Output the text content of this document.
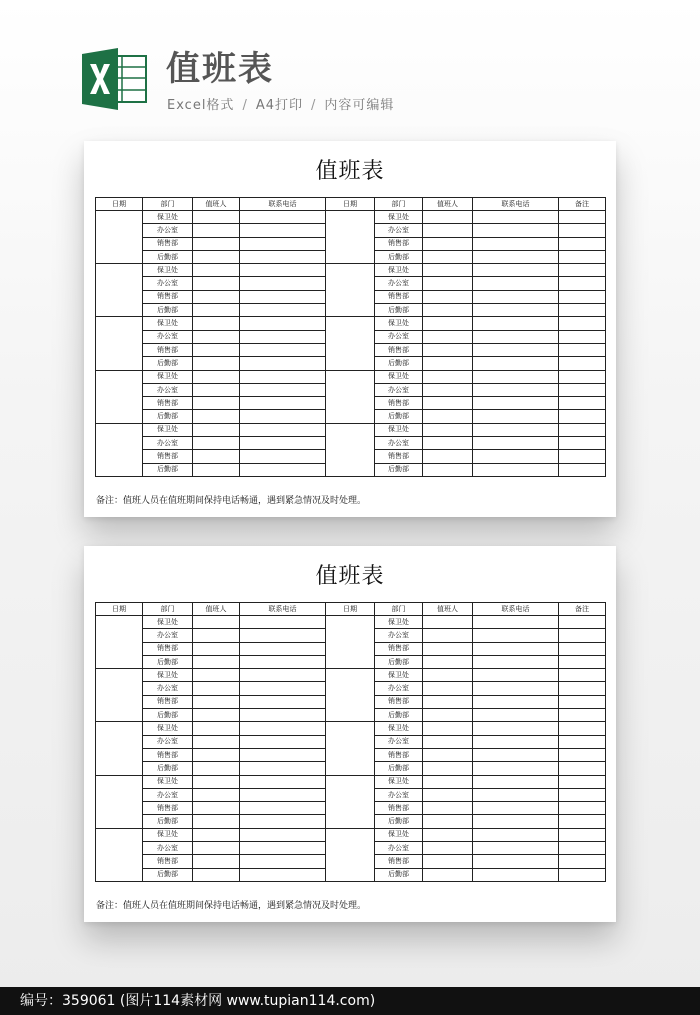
值班表
Excel格式 / A4打印 / 内容可编辑
值班表
日期	部门	值班人	联系电话	日期	部门	值班人	联系电话	备注
	保卫处				保卫处			
	办公室				办公室			
	销售部				销售部			
	后勤部				后勤部			
	保卫处				保卫处			
	办公室				办公室			
	销售部				销售部			
	后勤部				后勤部			
	保卫处				保卫处			
	办公室				办公室			
	销售部				销售部			
	后勤部				后勤部			
	保卫处				保卫处			
	办公室				办公室			
	销售部				销售部			
	后勤部				后勤部			
	保卫处				保卫处			
	办公室				办公室			
	销售部				销售部			
	后勤部				后勤部			
备注：值班人员在值班期间保持电话畅通，遇到紧急情况及时处理。
值班表
日期	部门	值班人	联系电话	日期	部门	值班人	联系电话	备注
	保卫处				保卫处			
	办公室				办公室			
	销售部				销售部			
	后勤部				后勤部			
	保卫处				保卫处			
	办公室				办公室			
	销售部				销售部			
	后勤部				后勤部			
	保卫处				保卫处			
	办公室				办公室			
	销售部				销售部			
	后勤部				后勤部			
	保卫处				保卫处			
	办公室				办公室			
	销售部				销售部			
	后勤部				后勤部			
	保卫处				保卫处			
	办公室				办公室			
	销售部				销售部			
	后勤部				后勤部			
备注：值班人员在值班期间保持电话畅通，遇到紧急情况及时处理。
编号：359061 (图片114素材网 www.tupian114.com)
